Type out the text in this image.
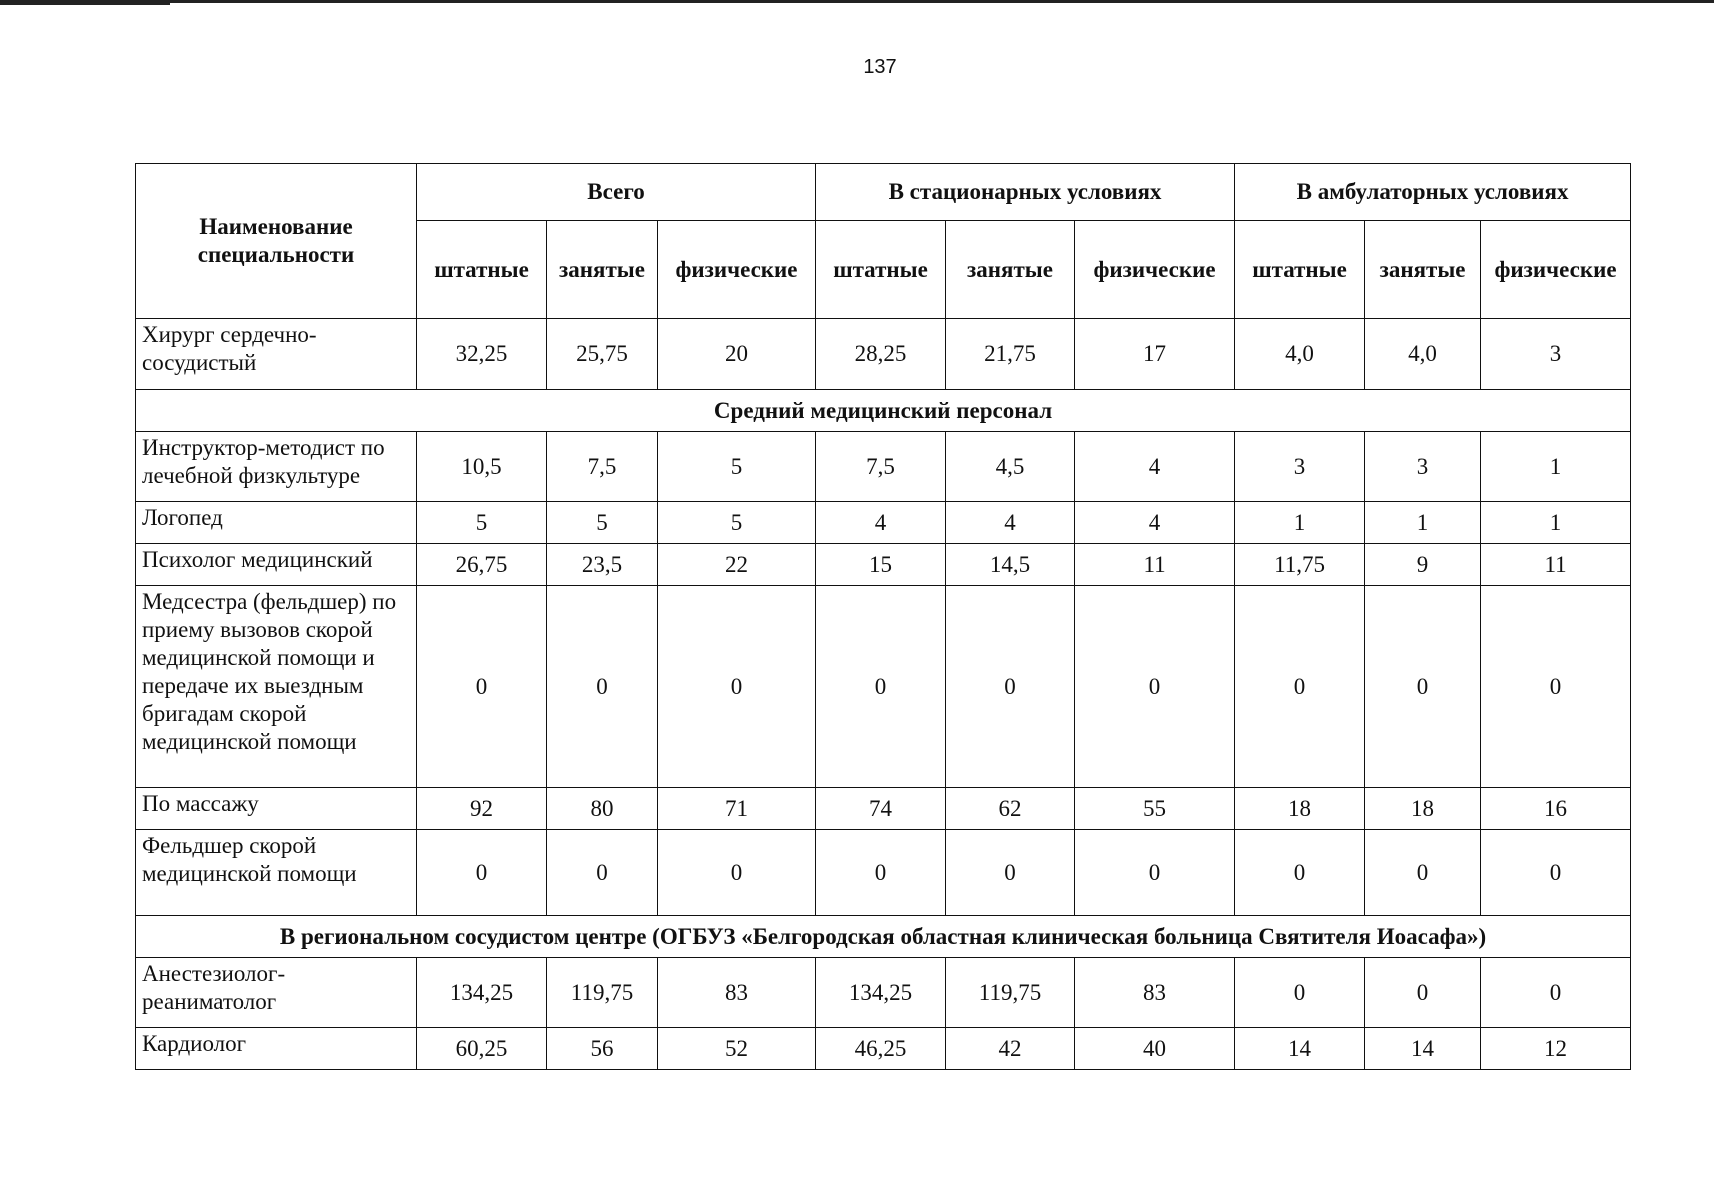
137
Наименование специальности	Всего			В стационарных условиях			В амбулаторных условиях		
	штатные	занятые	физические	штатные	занятые	физические	штатные	занятые	физические
Хирург сердечно-сосудистый	32,25	25,75	20	28,25	21,75	17	4,0	4,0	3
Средний медицинский персонал									
Инструктор-методист по лечебной физкультуре	10,5	7,5	5	7,5	4,5	4	3	3	1
Логопед	5	5	5	4	4	4	1	1	1
Психолог медицинский	26,75	23,5	22	15	14,5	11	11,75	9	11
Медсестра (фельдшер) по приему вызовов скорой медицинской помощи и передаче их выездным бригадам скорой медицинской помощи	0	0	0	0	0	0	0	0	0
По массажу	92	80	71	74	62	55	18	18	16
Фельдшер скорой медицинской помощи	0	0	0	0	0	0	0	0	0
В региональном сосудистом центре (ОГБУЗ «Белгородская областная клиническая больница Святителя Иоасафа»)									
Анестезиолог-реаниматолог	134,25	119,75	83	134,25	119,75	83	0	0	0
Кардиолог	60,25	56	52	46,25	42	40	14	14	12
